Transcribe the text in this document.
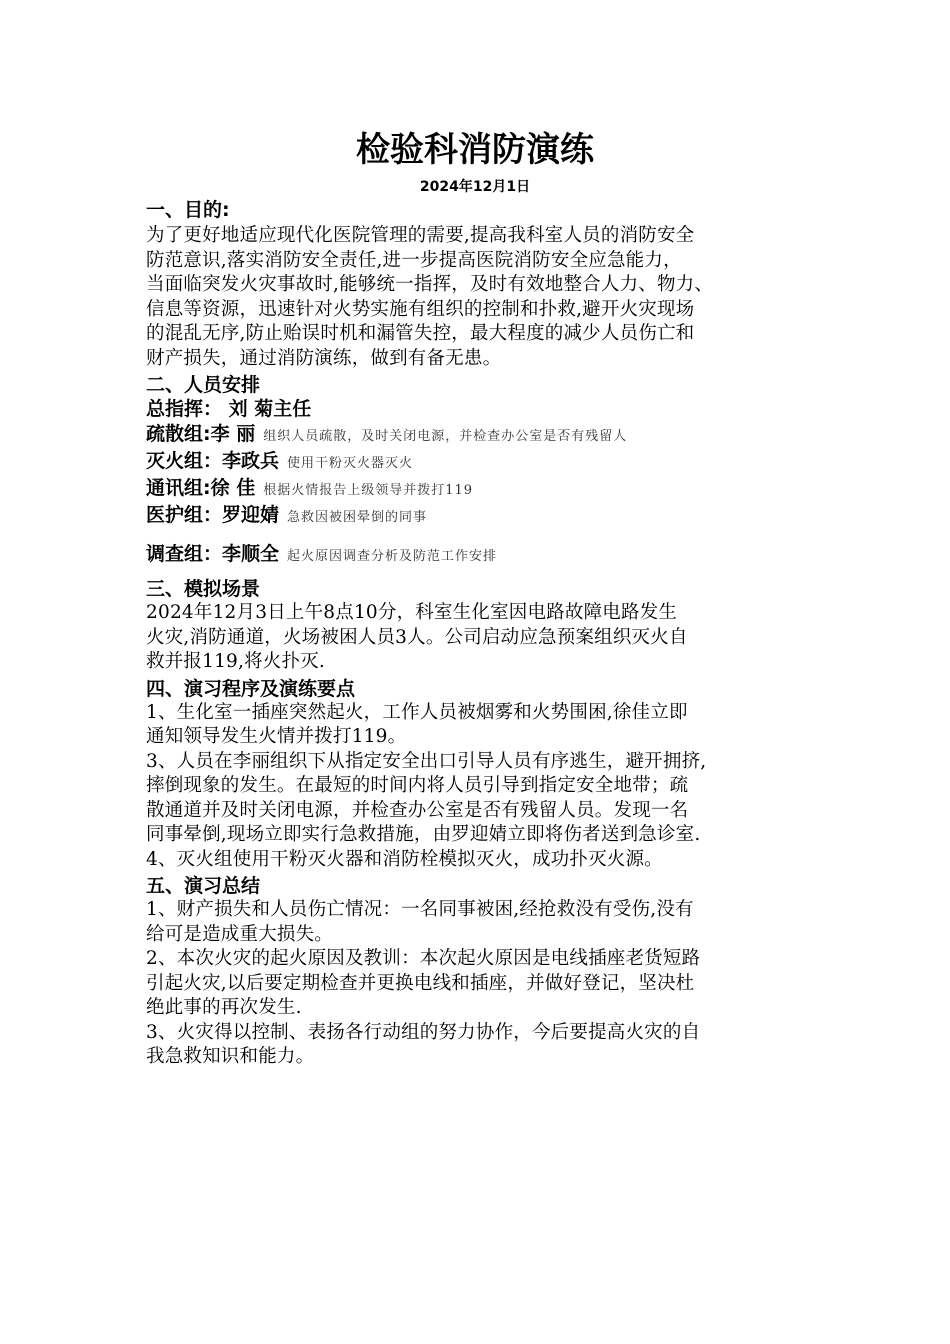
检验科消防演练
2024年12月1日
一、目的:
为了更好地适应现代化医院管理的需要,提高我科室人员的消防安全
防范意识,落实消防安全责任,进一步提高医院消防安全应急能力，
当面临突发火灾事故时,能够统一指挥，及时有效地整合人力、物力、
信息等资源，迅速针对火势实施有组织的控制和扑救,避开火灾现场
的混乱无序,防止贻误时机和漏管失控，最大程度的减少人员伤亡和
财产损失，通过消防演练，做到有备无患。
二、人员安排
总指挥： 刘 菊主任
疏散组:李 丽 组织人员疏散，及时关闭电源，并检查办公室是否有残留人
灭火组：李政兵 使用干粉灭火器灭火
通讯组:徐 佳 根据火情报告上级领导并拨打119
医护组：罗迎婧 急救因被困晕倒的同事
调查组：李顺全 起火原因调查分析及防范工作安排
三、模拟场景
2024年12月3日上午8点10分，科室生化室因电路故障电路发生
火灾,消防通道，火场被困人员3人。公司启动应急预案组织灭火自
救并报119,将火扑灭.
四、演习程序及演练要点
1、生化室一插座突然起火，工作人员被烟雾和火势围困,徐佳立即
通知领导发生火情并拨打119。
3、人员在李丽组织下从指定安全出口引导人员有序逃生，避开拥挤,
摔倒现象的发生。在最短的时间内将人员引导到指定安全地带；疏
散通道并及时关闭电源，并检查办公室是否有残留人员。发现一名
同事晕倒,现场立即实行急救措施，由罗迎婧立即将伤者送到急诊室.
4、灭火组使用干粉灭火器和消防栓模拟灭火，成功扑灭火源。
五、演习总结
1、财产损失和人员伤亡情况：一名同事被困,经抢救没有受伤,没有
给可是造成重大损失。
2、本次火灾的起火原因及教训：本次起火原因是电线插座老货短路
引起火灾,以后要定期检查并更换电线和插座，并做好登记，坚决杜
绝此事的再次发生.
3、火灾得以控制、表扬各行动组的努力协作，今后要提高火灾的自
我急救知识和能力。
